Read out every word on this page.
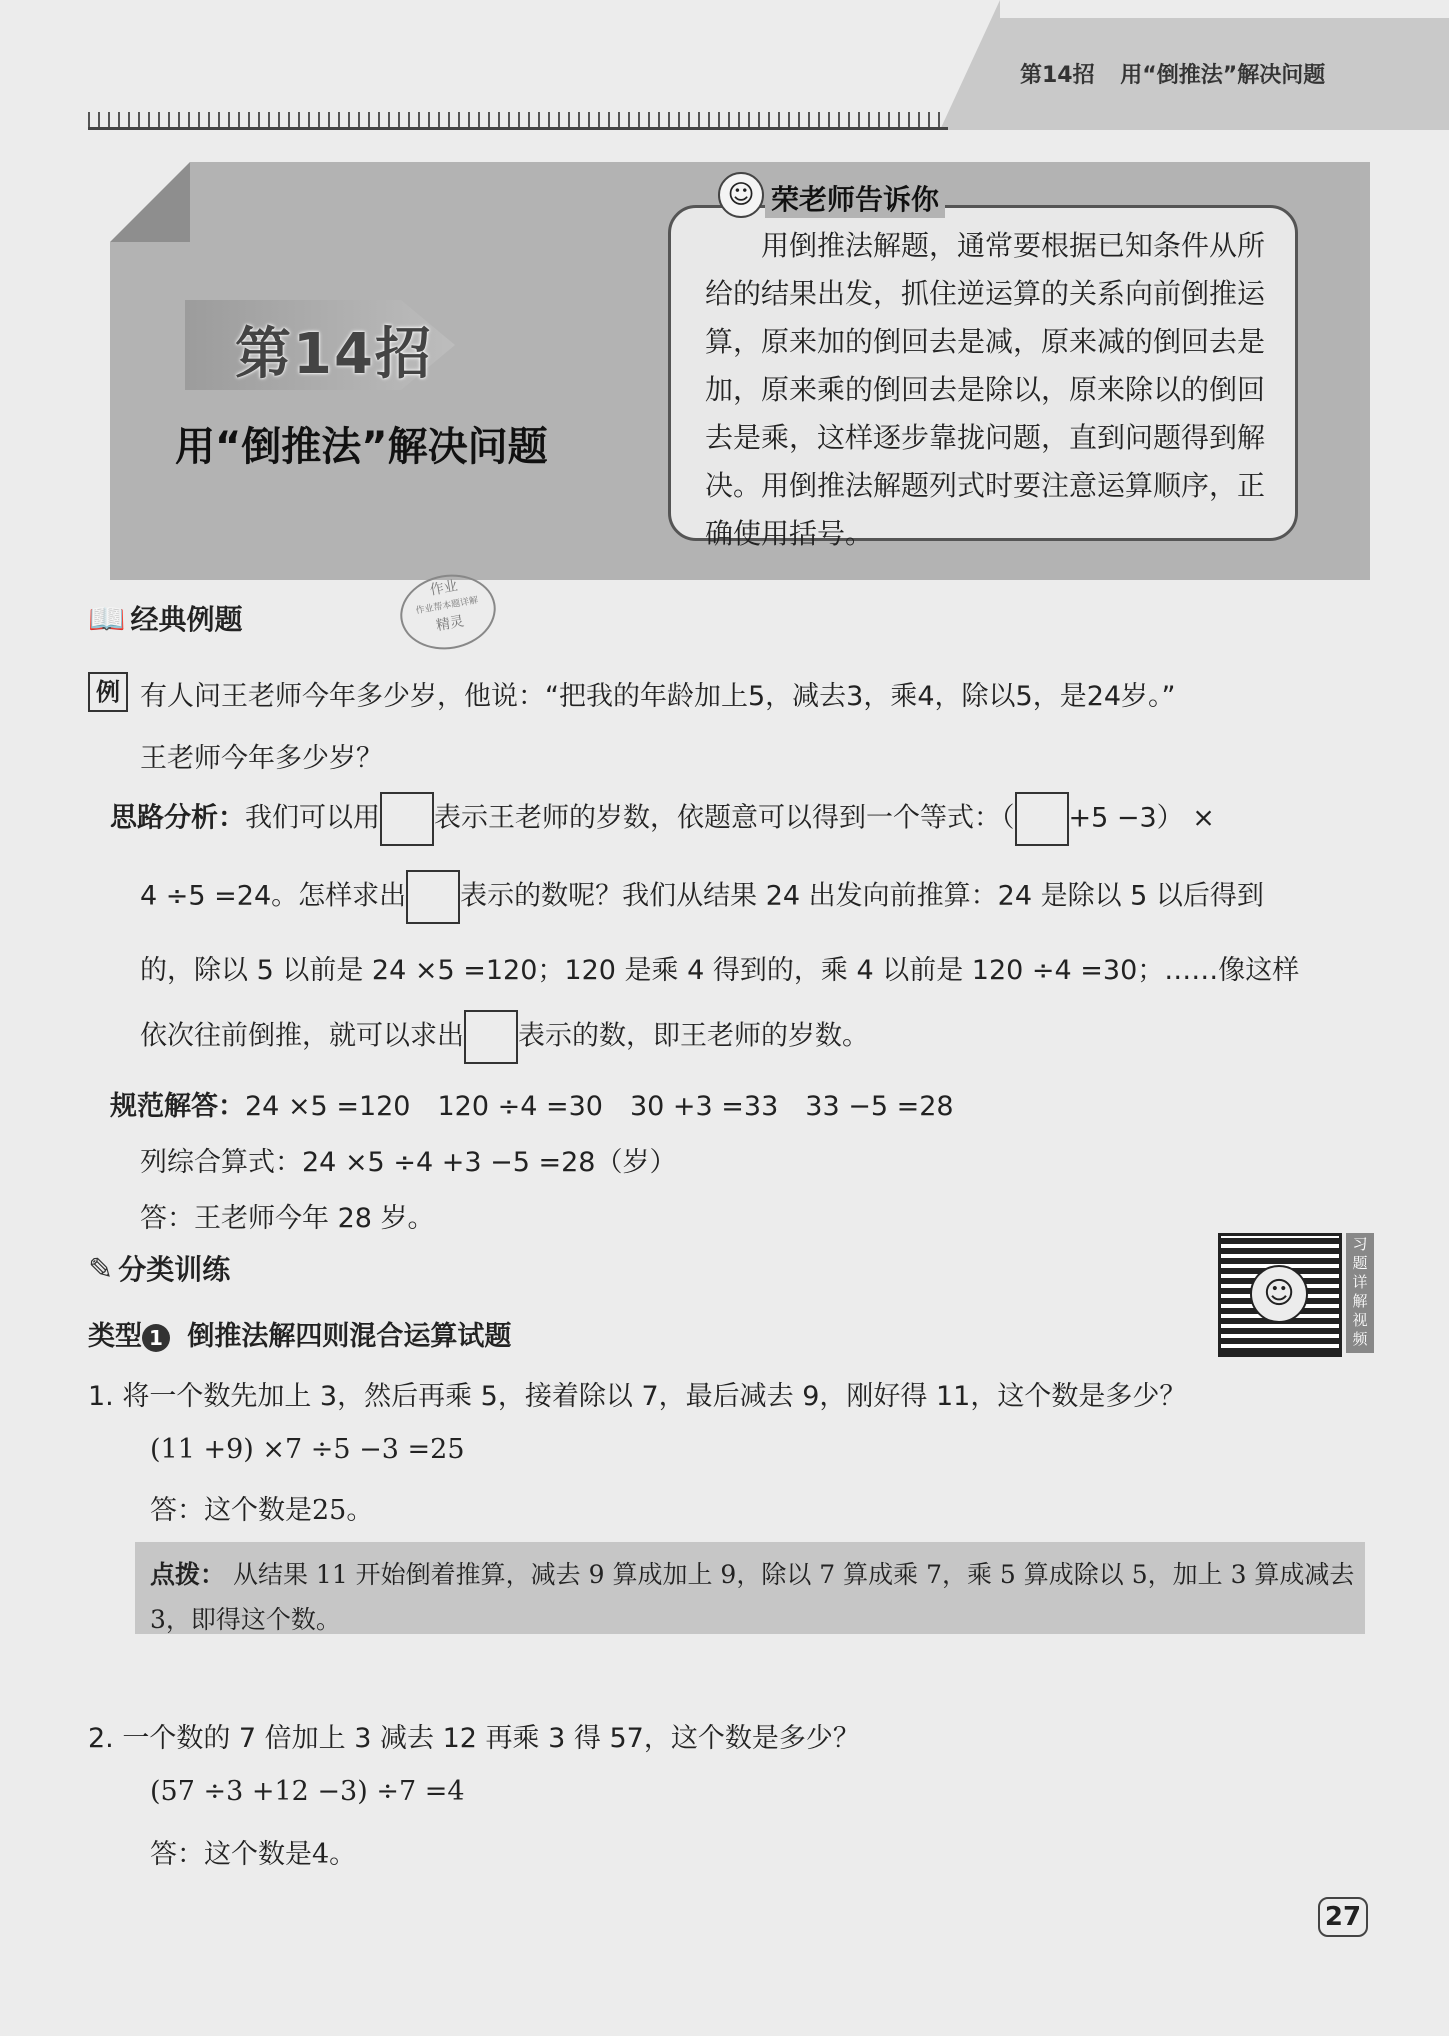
第14招 用“倒推法”解决问题
第14招
用“倒推法”解决问题
☺ 荣老师告诉你
用倒推法解题，通常要根据已知条件从所给的结果出发，抓住逆运算的关系向前倒推运算，原来加的倒回去是减，原来减的倒回去是加，原来乘的倒回去是除以，原来除以的倒回去是乘，这样逐步靠拢问题，直到问题得到解决。用倒推法解题列式时要注意运算顺序，正确使用括号。
📖 经典例题
作业
作业帮本题详解
精灵
例 有人问王老师今年多少岁，他说：“把我的年龄加上5，减去3，乘4，除以5，是24岁。”
王老师今年多少岁？
思路分析：我们可以用 表示王老师的岁数，依题意可以得到一个等式：（ +5 −3） ×
4 ÷5 =24。怎样求出 表示的数呢？我们从结果 24 出发向前推算：24 是除以 5 以后得到
的，除以 5 以前是 24 ×5 =120；120 是乘 4 得到的，乘 4 以前是 120 ÷4 =30；……像这样
依次往前倒推，就可以求出 表示的数，即王老师的岁数。
规范解答：24 ×5 =120　120 ÷4 =30　30 +3 =33　33 −5 =28
列综合算式：24 ×5 ÷4 +3 −5 =28（岁）
答：王老师今年 28 岁。
☺
习题详解视频
✎ 分类训练
类型 1 倒推法解四则混合运算试题
1. 将一个数先加上 3，然后再乘 5，接着除以 7，最后减去 9，刚好得 11，这个数是多少？
(11 +9) ×7 ÷5 −3 =25
答：这个数是25。
点拨： 从结果 11 开始倒着推算，减去 9 算成加上 9，除以 7 算成乘 7，乘 5 算成除以 5，加上 3 算成减去3，即得这个数。
2. 一个数的 7 倍加上 3 减去 12 再乘 3 得 57，这个数是多少？
(57 ÷3 +12 −3) ÷7 =4
答：这个数是4。
27
